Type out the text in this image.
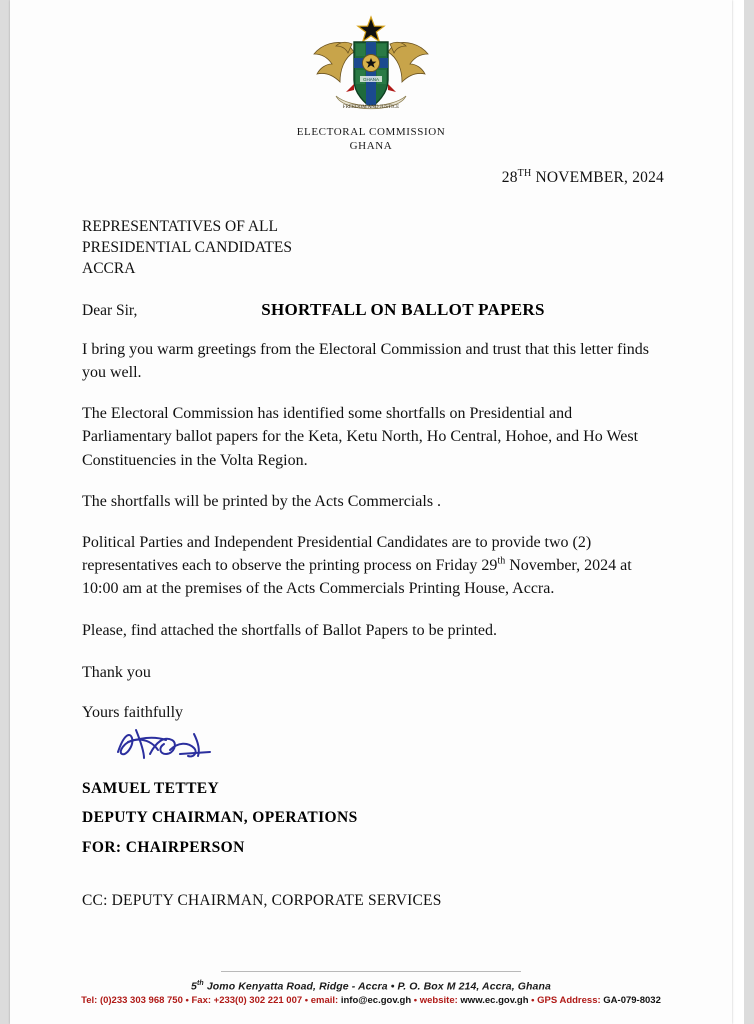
GHANA
FREEDOM AND JUSTICE
ELECTORAL COMMISSION
GHANA
28TH NOVEMBER, 2024
REPRESENTATIVES OF ALL
PRESIDENTIAL CANDIDATES
ACCRA
Dear Sir,	SHORTFALL ON BALLOT PAPERS
I bring you warm greetings from the Electoral Commission and trust that this letter finds you well.
The Electoral Commission has identified some shortfalls on Presidential and Parliamentary ballot papers for the Keta, Ketu North, Ho Central, Hohoe, and Ho West Constituencies in the Volta Region.
The shortfalls will be printed by the Acts Commercials .
Political Parties and Independent Presidential Candidates are to provide two (2) representatives each to observe the printing process on Friday 29th November, 2024 at 10:00 am at the premises of the Acts Commercials Printing House, Accra.
Please, find attached the shortfalls of Ballot Papers to be printed.
Thank you
Yours faithfully
SAMUEL TETTEY
DEPUTY CHAIRMAN, OPERATIONS
FOR: CHAIRPERSON
CC: DEPUTY CHAIRMAN, CORPORATE SERVICES
5th Jomo Kenyatta Road, Ridge - Accra • P. O. Box M 214, Accra, Ghana
Tel: (0)233 303 968 750 • Fax: +233(0) 302 221 007 • email: info@ec.gov.gh • website: www.ec.gov.gh • GPS Address: GA-079-8032
